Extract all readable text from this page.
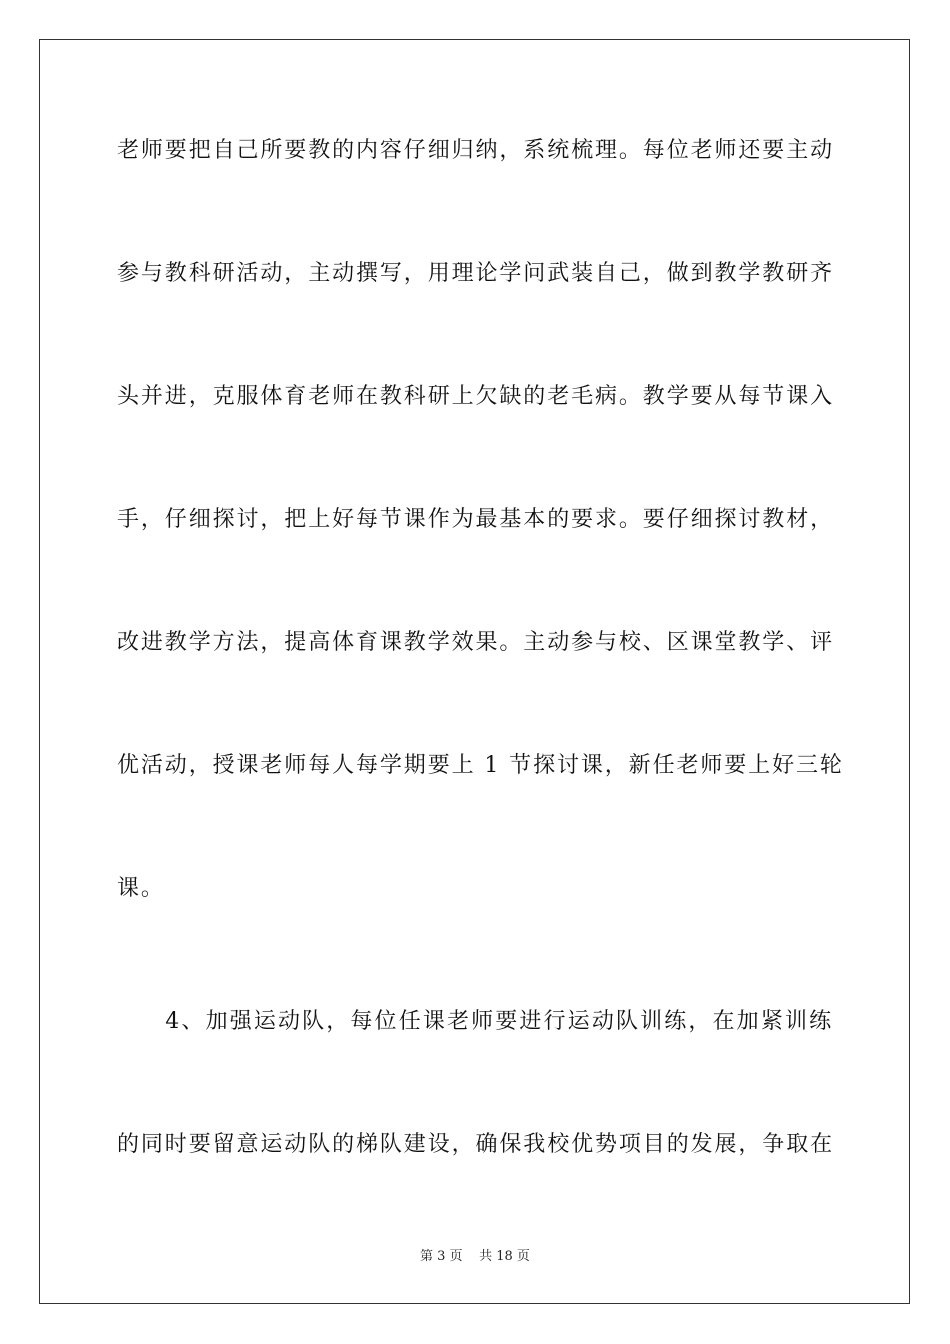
老师要把自己所要教的内容仔细归纳，系统梳理。每位老师还要主动
参与教科研活动，主动撰写，用理论学问武装自己，做到教学教研齐
头并进，克服体育老师在教科研上欠缺的老毛病。教学要从每节课入
手，仔细探讨，把上好每节课作为最基本的要求。要仔细探讨教材，
改进教学方法，提高体育课教学效果。主动参与校、区课堂教学、评
优活动，授课老师每人每学期要上 1 节探讨课，新任老师要上好三轮
课。
　　4、加强运动队，每位任课老师要进行运动队训练，在加紧训练
的同时要留意运动队的梯队建设，确保我校优势项目的发展，争取在
第 3 页 共 18 页
